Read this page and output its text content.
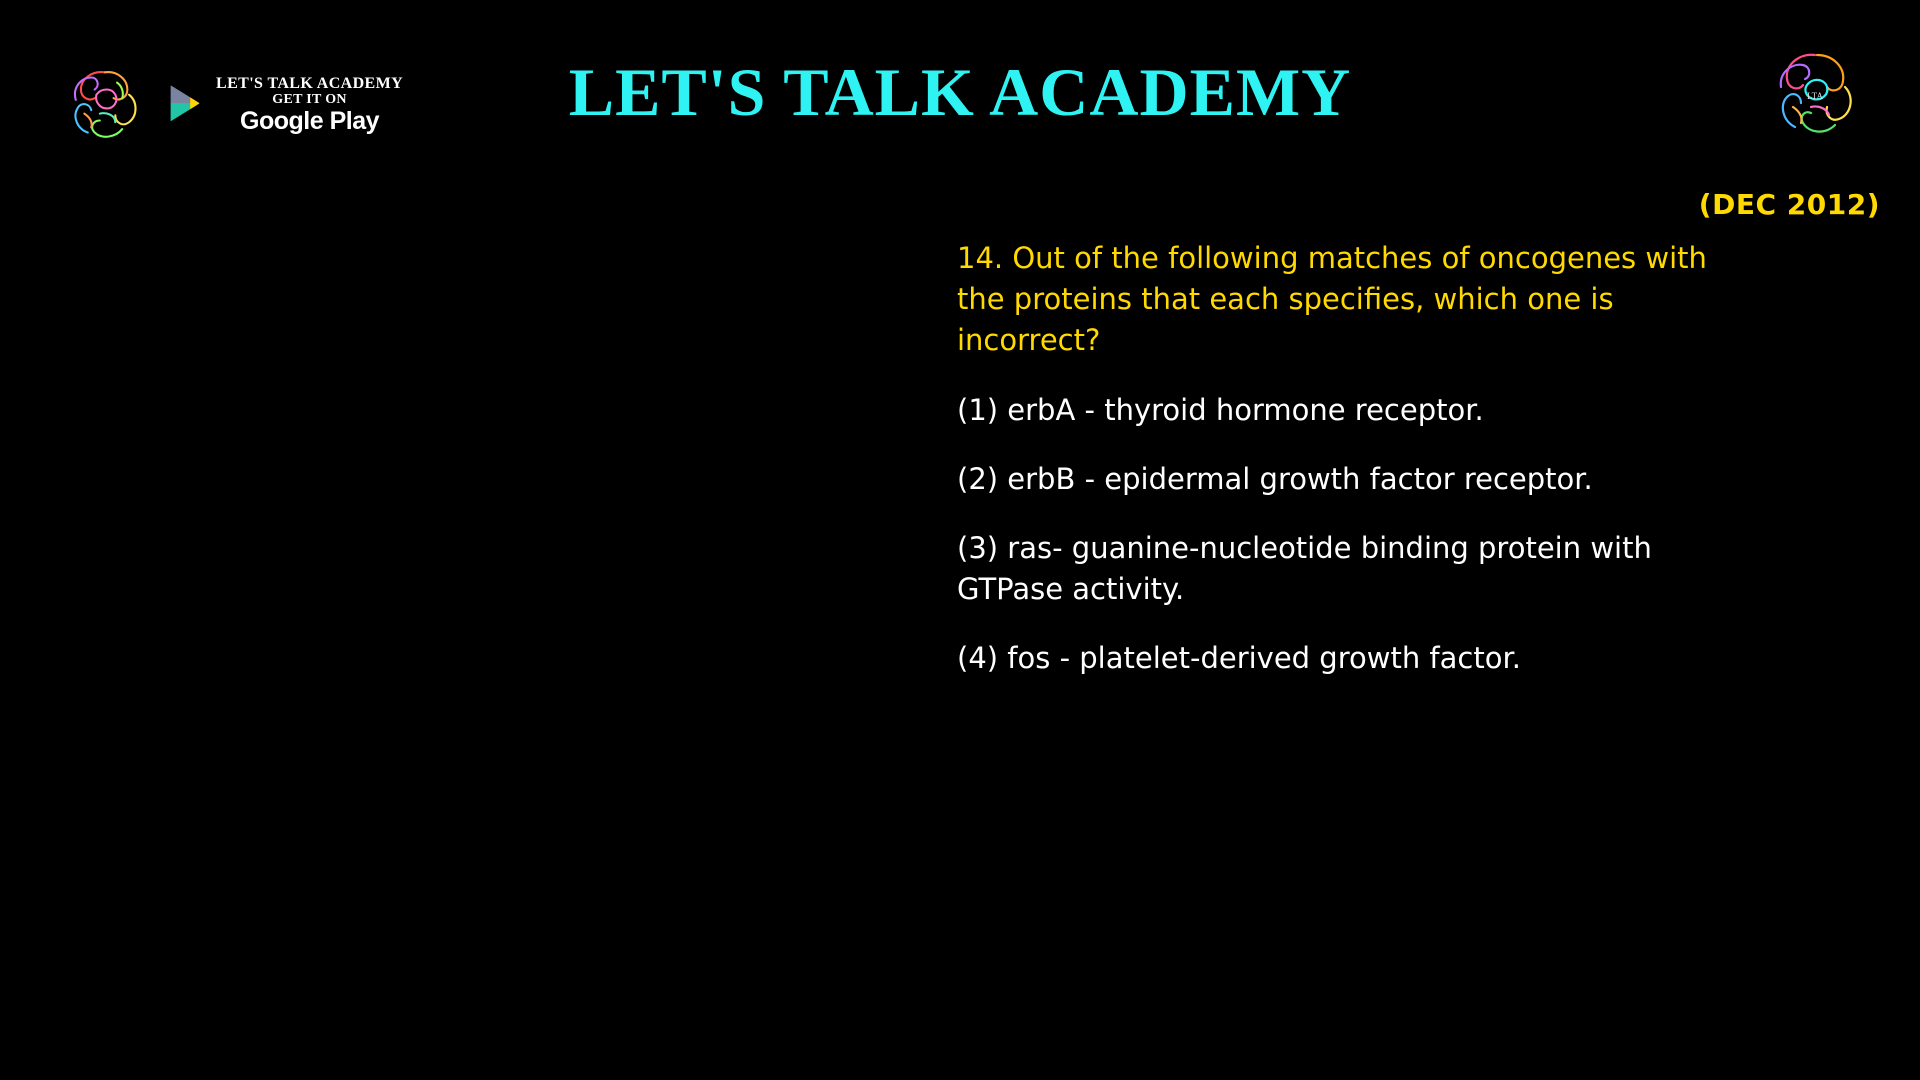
LET'S TALK ACADEMY
GET IT ON
Google Play	LET'S TALK ACADEMY	LTA
(DEC 2012)

14. Out of the following matches of oncogenes with the proteins that each specifies, which one is incorrect?

(1) erbA - thyroid hormone receptor.

(2) erbB - epidermal growth factor receptor.

(3) ras- guanine-nucleotide binding protein with GTPase activity.

(4) fos - platelet-derived growth factor.
